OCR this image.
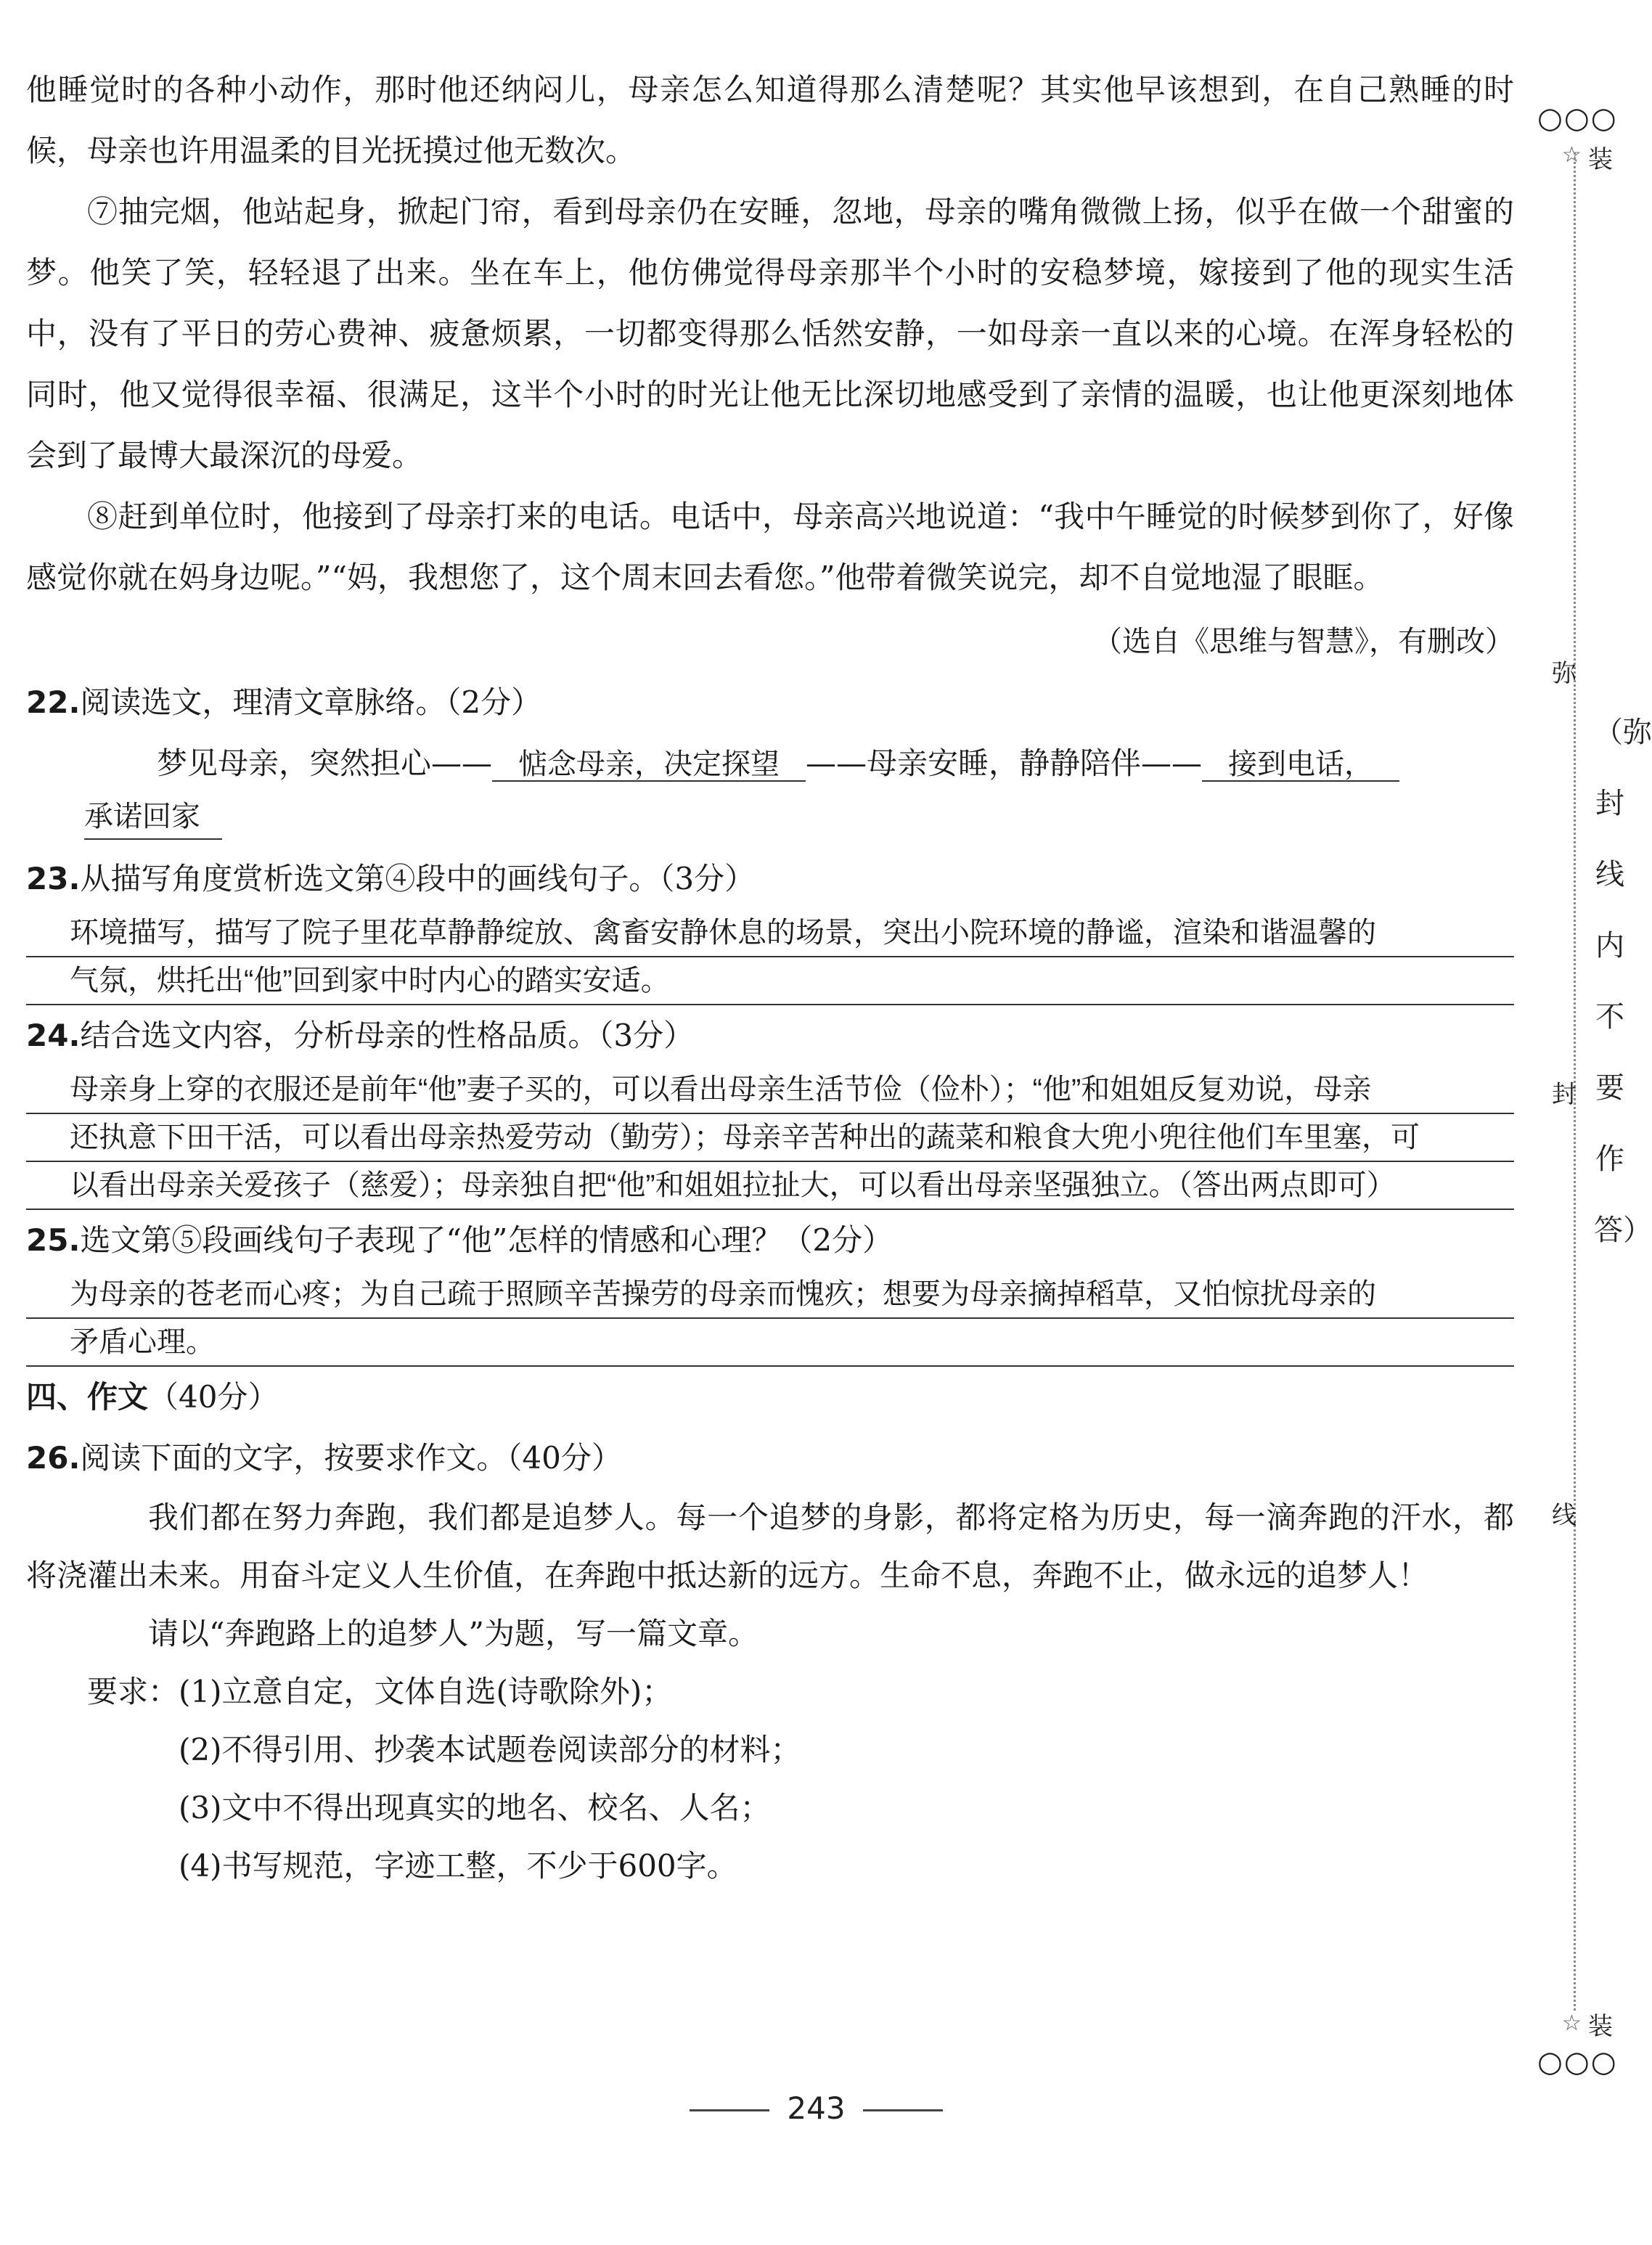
他睡觉时的各种小动作，那时他还纳闷儿，母亲怎么知道得那么清楚呢？其实他早该想到，在自己熟睡的时候，母亲也许用温柔的目光抚摸过他无数次。

⑦抽完烟，他站起身，掀起门帘，看到母亲仍在安睡，忽地，母亲的嘴角微微上扬，似乎在做一个甜蜜的梦。他笑了笑，轻轻退了出来。坐在车上，他仿佛觉得母亲那半个小时的安稳梦境，嫁接到了他的现实生活中，没有了平日的劳心费神、疲惫烦累，一切都变得那么恬然安静，一如母亲一直以来的心境。在浑身轻松的同时，他又觉得很幸福、很满足，这半个小时的时光让他无比深切地感受到了亲情的温暖，也让他更深刻地体会到了最博大最深沉的母爱。

⑧赶到单位时，他接到了母亲打来的电话。电话中，母亲高兴地说道：“我中午睡觉的时候梦到你了，好像感觉你就在妈身边呢。”“妈，我想您了，这个周末回去看您。”他带着微笑说完，却不自觉地湿了眼眶。

（选自《思维与智慧》，有删改）

22.阅读选文，理清文章脉络。（2分）

梦见母亲，突然担心—— 惦念母亲，决定探望 ——母亲安睡，静静陪伴—— 接到电话，

承诺回家

23.从描写角度赏析选文第④段中的画线句子。（3分）

环境描写，描写了院子里花草静静绽放、禽畜安静休息的场景，突出小院环境的静谧，渲染和谐温馨的
气氛，烘托出“他”回到家中时内心的踏实安适。

24.结合选文内容，分析母亲的性格品质。（3分）

母亲身上穿的衣服还是前年“他”妻子买的，可以看出母亲生活节俭（俭朴）；“他”和姐姐反复劝说，母亲
还执意下田干活，可以看出母亲热爱劳动（勤劳）；母亲辛苦种出的蔬菜和粮食大兜小兜往他们车里塞，可
以看出母亲关爱孩子（慈爱）；母亲独自把“他”和姐姐拉扯大，可以看出母亲坚强独立。（答出两点即可）

25.选文第⑤段画线句子表现了“他”怎样的情感和心理？（2分）

为母亲的苍老而心疼；为自己疏于照顾辛苦操劳的母亲而愧疚；想要为母亲摘掉稻草，又怕惊扰母亲的
矛盾心理。

四、作文（40分）

26.阅读下面的文字，按要求作文。（40分）

我们都在努力奔跑，我们都是追梦人。每一个追梦的身影，都将定格为历史，每一滴奔跑的汗水，都将浇灌出未来。用奋斗定义人生价值，在奔跑中抵达新的远方。生命不息，奔跑不止，做永远的追梦人！

请以“奔跑路上的追梦人”为题，写一篇文章。

要求：(1)立意自定，文体自选(诗歌除外)；

(2)不得引用、抄袭本试题卷阅读部分的材料；

(3)文中不得出现真实的地名、校名、人名；

(4)书写规范，字迹工整，不少于600字。

○○○
☆ 装
弥
封
线
（弥封线内不要作答）
☆ 装
○○○
243
